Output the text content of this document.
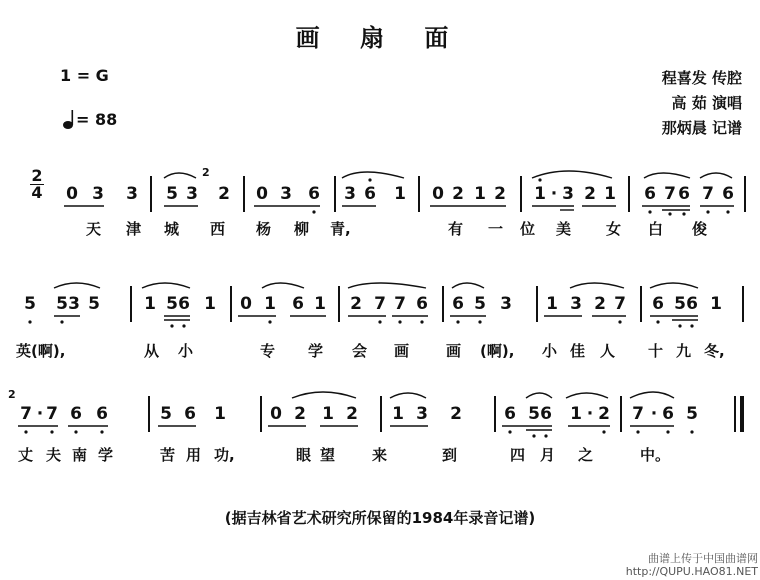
画 扇 面
1 = G
= 88
程喜发 传腔
高 茹 演唱
那炳晨 记谱
2
4 0 3 3 5 3 2 0 3 6 3 6 1 0 2 1 2 1 · 3 2 1 6 7 6 7 6
2
天 津 城 西 杨 柳 青,	有 一 位 美 女 白 俊
5 5 3 5	1 5 6 1 0 1 6 1 2 7 7 6 6 5 3 1 3 2 7 6 5 6 1
英(啊),	从 小	专 学 会 画 画 (啊), 小 佳 人 十 九 冬,
7 · 7 6 6	5 6 1	0 2 1 2 1 3 2 6 5 6 1 · 2 7 · 6 5
2
丈 夫 南 学	苦 用 功,	眼 望 来	到	四 月 之	中。
(据吉林省艺术研究所保留的1984年录音记谱)
曲谱上传于中国曲谱网
http://QUPU.HAO81.NET
